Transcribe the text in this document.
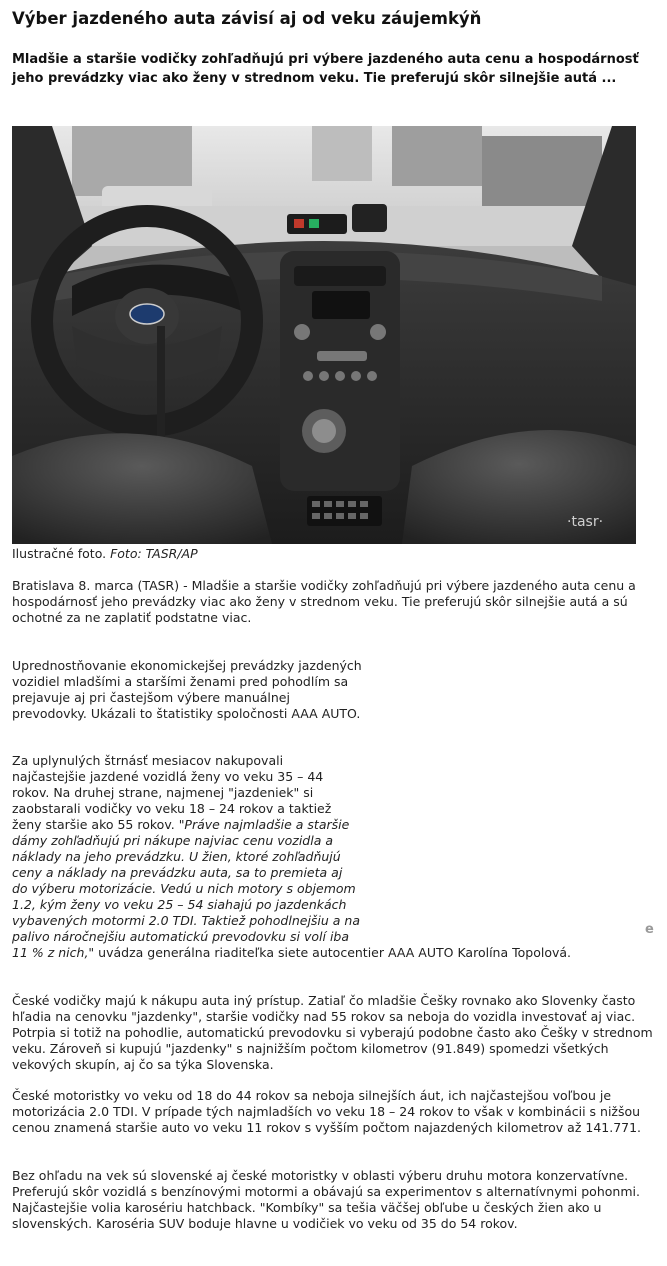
Výber jazdeného auta závisí aj od veku záujemkýň

Mladšie a staršie vodičky zohľadňujú pri výbere jazdeného auta cenu a hospodárnosť jeho prevádzky viac ako ženy v strednom veku. Tie preferujú skôr silnejšie autá ...

·tasr·
Ilustračné foto. Foto: TASR/AP

Bratislava 8. marca (TASR) - Mladšie a staršie vodičky zohľadňujú pri výbere jazdeného auta cenu a hospodárnosť jeho prevádzky viac ako ženy v strednom veku. Tie preferujú skôr silnejšie autá a sú ochotné za ne zaplatiť podstatne viac.

Uprednostňovanie ekonomickejšej prevádzky jazdených vozidiel mladšími a staršími ženami pred pohodlím sa prejavuje aj pri častejšom výbere manuálnej prevodovky. Ukázali to štatistiky spoločnosti AAA AUTO.

Za uplynulých štrnásť mesiacov nakupovali najčastejšie jazdené vozidlá ženy vo veku 35 – 44 rokov. Na druhej strane, najmenej "jazdeniek" si zaobstarali vodičky vo veku 18 – 24 rokov a taktiež ženy staršie ako 55 rokov. "Práve najmladšie a staršie dámy zohľadňujú pri nákupe najviac cenu vozidla a náklady na jeho prevádzku. U žien, ktoré zohľadňujú ceny a náklady na prevádzku auta, sa to premieta aj do výberu motorizácie. Vedú u nich motory s objemom 1.2, kým ženy vo veku 25 – 54 siahajú po jazdenkách vybavených motormi 2.0 TDI. Taktiež pohodlnejšiu a na palivo náročnejšiu automatickú prevodovku si volí iba 11 % z nich," uvádza generálna riaditeľka siete autocentier AAA AUTO Karolína Topolová.

České vodičky majú k nákupu auta iný prístup. Zatiaľ čo mladšie Češky rovnako ako Slovenky často hľadia na cenovku "jazdenky", staršie vodičky nad 55 rokov sa neboja do vozidla investovať aj viac. Potrpia si totiž na pohodlie, automatickú prevodovku si vyberajú podobne často ako Češky v strednom veku. Zároveň si kupujú "jazdenky" s najnižším počtom kilometrov (91.849) spomedzi všetkých vekových skupín, aj čo sa týka Slovenska.

České motoristky vo veku od 18 do 44 rokov sa neboja silnejších áut, ich najčastejšou voľbou je motorizácia 2.0 TDI. V prípade tých najmladších vo veku 18 – 24 rokov to však v kombinácii s nižšou cenou znamená staršie auto vo veku 11 rokov s vyšším počtom najazdených kilometrov až 141.771.

Bez ohľadu na vek sú slovenské aj české motoristky v oblasti výberu druhu motora konzervatívne. Preferujú skôr vozidlá s benzínovými motormi a obávajú sa experimentov s alternatívnymi pohonmi. Najčastejšie volia karosériu hatchback. "Kombíky" sa tešia väčšej obľube u českých žien ako u slovenských. Karoséria SUV boduje hlavne u vodičiek vo veku od 35 do 54 rokov.

e
